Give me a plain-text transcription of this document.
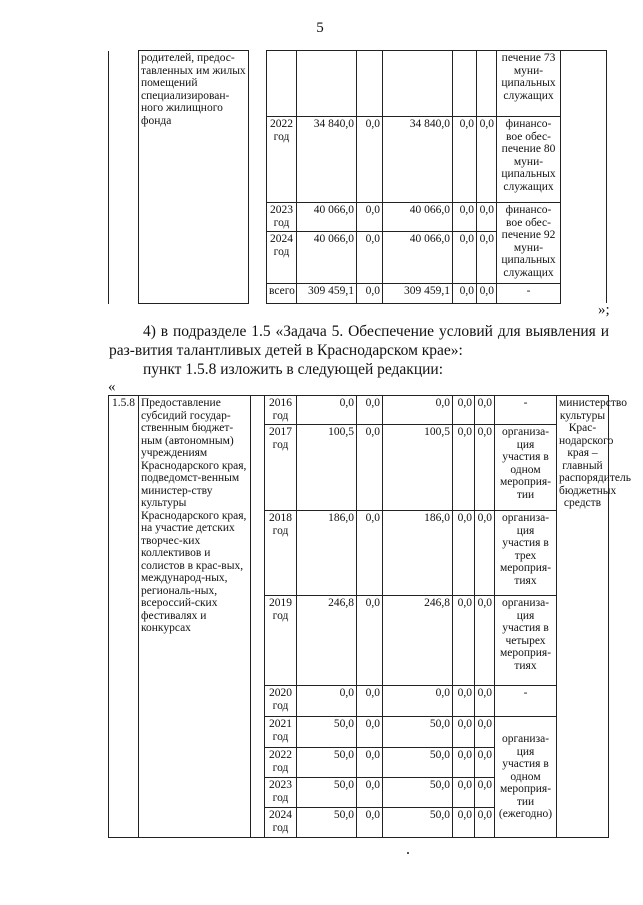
5
	родителей, предос-тавленных им жилых помещений специализирован-ного жилищного фонда								печение 73 муни-ципальных служащих
			2022 год	34 840,0	0,0	34 840,0	0,0	0,0	финансо-вое обес-печение 80 муни-ципальных служащих
			2023 год	40 066,0	0,0	40 066,0	0,0	0,0	финансо-вое обес-печение 92 муни-ципальных служащих
			2024 год	40 066,0	0,0	40 066,0	0,0	0,0	
			всего	309 459,1	0,0	309 459,1	0,0	0,0	-
»;
4) в подразделе 1.5 «Задача 5. Обеспечение условий для выявления и раз-вития талантливых детей в Краснодарском крае»:
пункт 1.5.8 изложить в следующей редакции:
«
1.5.8	Предоставление субсидий государ-ственным бюджет-ным (автономным) учреждениям Краснодарского края, подведомст-венным министер-ству культуры Краснодарского края, на участие детских творчес-ких коллективов и солистов в крас-вых, международ-ных, региональ-ных, всероссий-ских фестивалях и конкурсах		2016 год	0,0	0,0	0,0	0,0	0,0	-	министерство культуры Крас-нодарского края – главный распорядитель бюджетных средств
			2017 год	100,5	0,0	100,5	0,0	0,0	организа-ция участия в одном мероприя-тии	
			2018 год	186,0	0,0	186,0	0,0	0,0	организа-ция участия в трех мероприя-тиях	
			2019 год	246,8	0,0	246,8	0,0	0,0	организа-ция участия в четырех мероприя-тиях	
			2020 год	0,0	0,0	0,0	0,0	0,0	-	
			2021 год	50,0	0,0	50,0	0,0	0,0	организа-ция участия в одном мероприя-тии (ежегодно)	
			2022 год	50,0	0,0	50,0	0,0	0,0		
			2023 год	50,0	0,0	50,0	0,0	0,0		
			2024 год	50,0	0,0	50,0	0,0	0,0		
